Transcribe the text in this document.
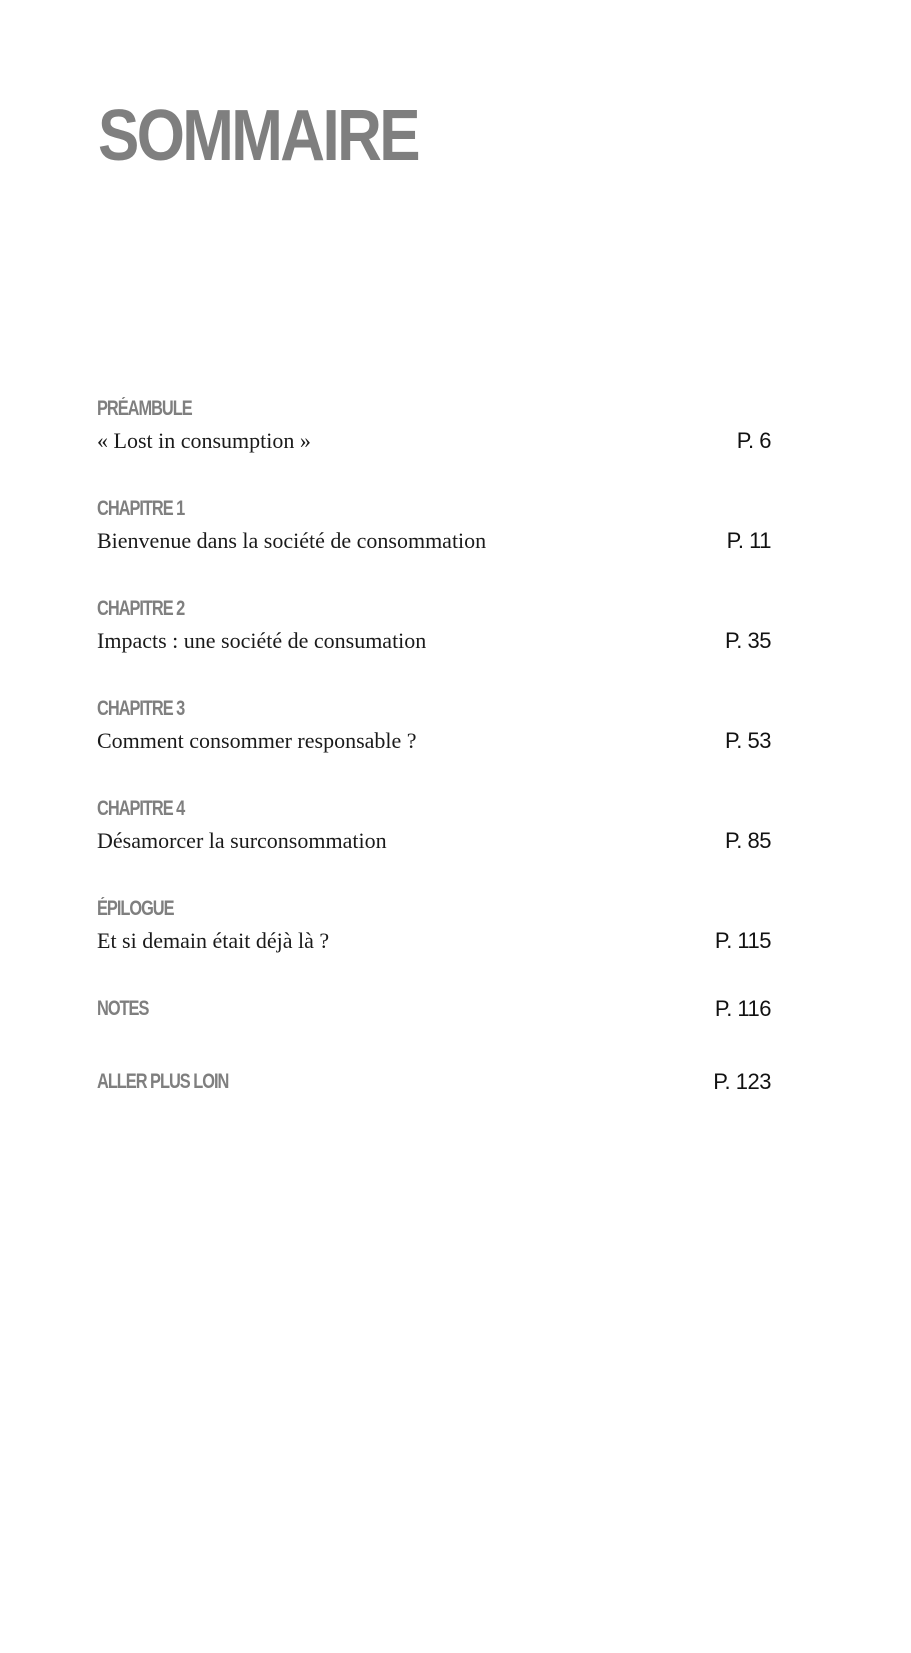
SOMMAIRE
PRÉAMBULE
« Lost in consumption »	P. 6
CHAPITRE 1
Bienvenue dans la société de consommation	P. 11
CHAPITRE 2
Impacts : une société de consumation	P. 35
CHAPITRE 3
Comment consommer responsable ?	P. 53
CHAPITRE 4
Désamorcer la surconsommation	P. 85
ÉPILOGUE
Et si demain était déjà là ?	P. 115
NOTES	P. 116
ALLER PLUS LOIN	P. 123
